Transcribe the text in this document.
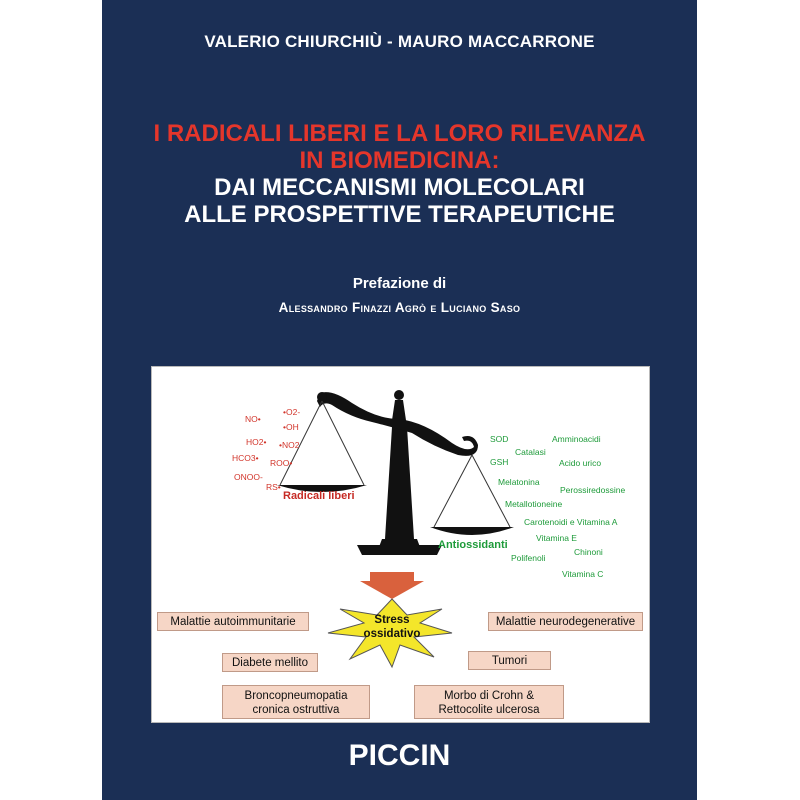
VALERIO CHIURCHIÙ - MAURO MACCARRONE
I RADICALI LIBERI E LA LORO RILEVANZA
IN BIOMEDICINA:
DAI MECCANISMI MOLECOLARI
ALLE PROSPETTIVE TERAPEUTICHE
Prefazione di
Alessandro Finazzi Agrò e Luciano Saso
NO•
•O2-
•OH
HO2• •NO2
HCO3• ROO•
ONOO-
RS•
Radicali liberi
SOD	Amminoacidi
Catalasi
GSH	Acido urico
Melatonina
Perossiredossine
Metallotioneine
Carotenoidi e Vitamina A
Vitamina E
Chinoni
Polifenoli
Vitamina C
Antiossidanti
Stress
ossidativo
Malattie autoimmunitarie	Malattie neurodegenerative
Diabete mellito	Tumori
Broncopneumopatia
cronica ostruttiva
Morbo di Crohn &
Rettocolite ulcerosa
PICCIN
